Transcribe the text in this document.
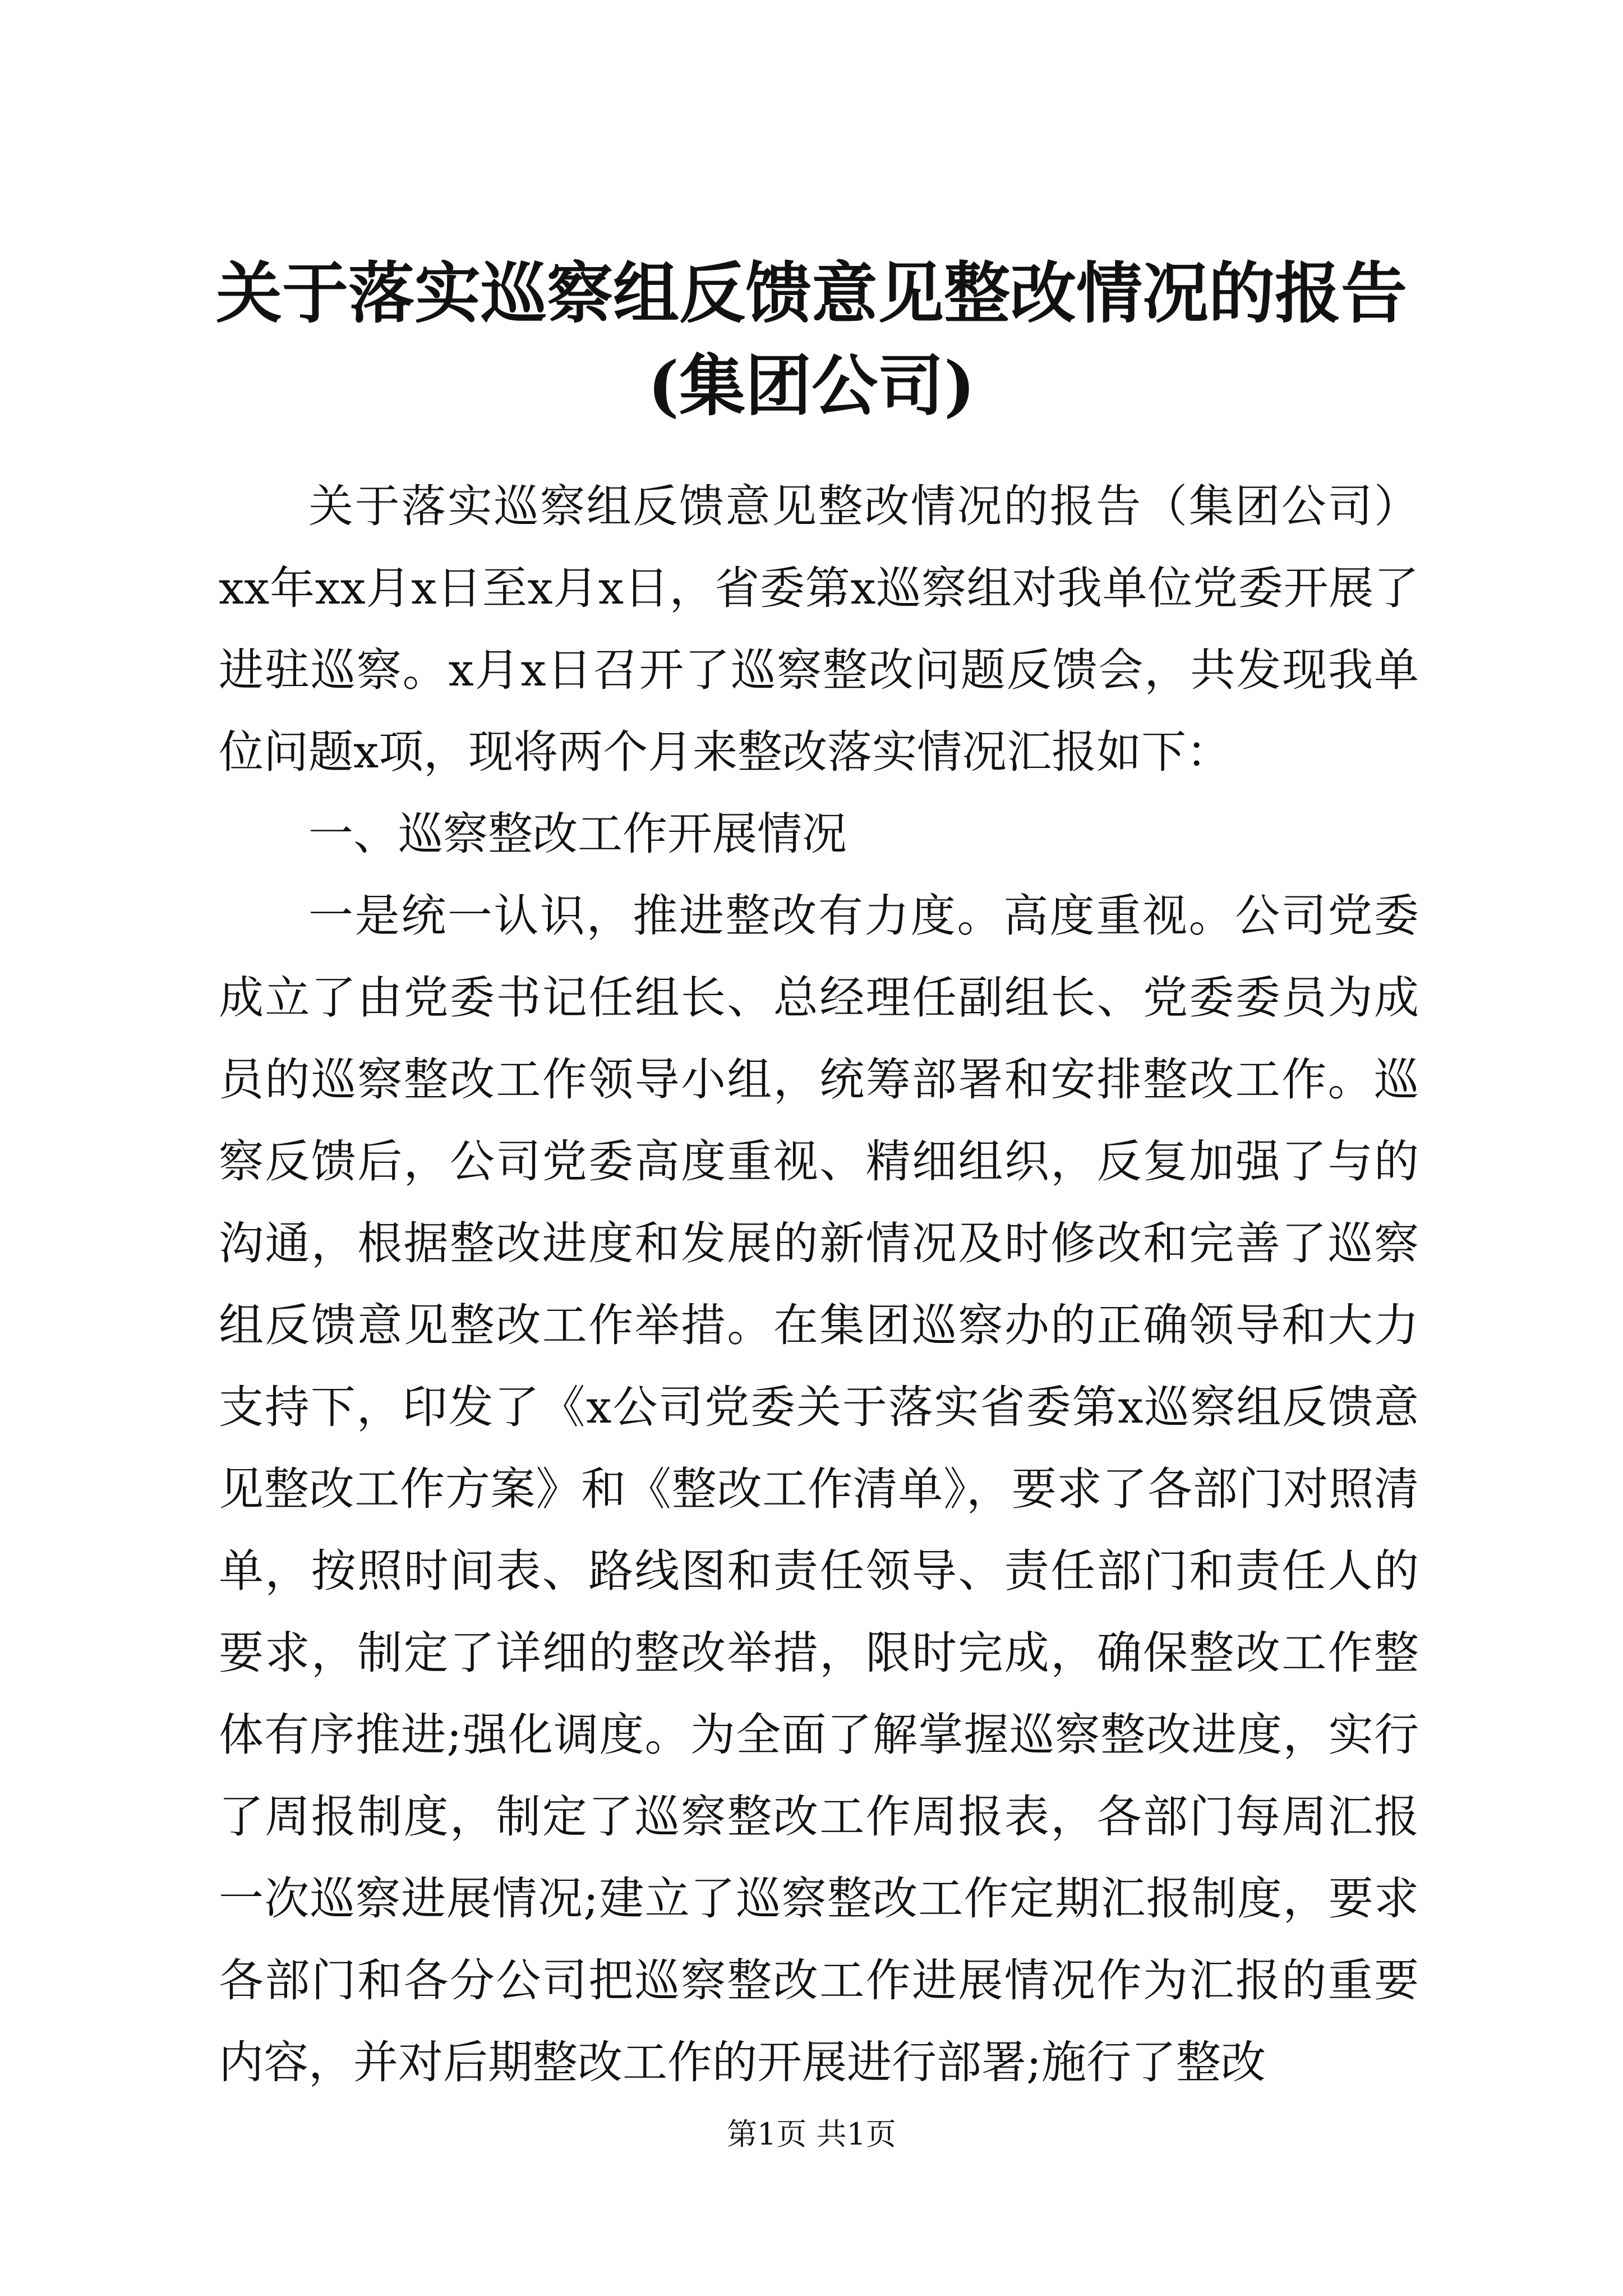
关于落实巡察组反馈意见整改情况的报告(集团公司)

关于落实巡察组反馈意见整改情况的报告（集团公司）xx年xx月x日至x月x日，省委第x巡察组对我单位党委开展了进驻巡察。x月x日召开了巡察整改问题反馈会，共发现我单位问题x项，现将两个月来整改落实情况汇报如下：

一、巡察整改工作开展情况

一是统一认识，推进整改有力度。高度重视。公司党委成立了由党委书记任组长、总经理任副组长、党委委员为成员的巡察整改工作领导小组，统筹部署和安排整改工作。巡察反馈后，公司党委高度重视、精细组织，反复加强了与的沟通，根据整改进度和发展的新情况及时修改和完善了巡察组反馈意见整改工作举措。在集团巡察办的正确领导和大力支持下，印发了《x公司党委关于落实省委第x巡察组反馈意见整改工作方案》和《整改工作清单》，要求了各部门对照清单，按照时间表、路线图和责任领导、责任部门和责任人的要求，制定了详细的整改举措，限时完成，确保整改工作整体有序推进;强化调度。为全面了解掌握巡察整改进度，实行了周报制度，制定了巡察整改工作周报表，各部门每周汇报一次巡察进展情况;建立了巡察整改工作定期汇报制度，要求各部门和各分公司把巡察整改工作进展情况作为汇报的重要内容，并对后期整改工作的开展进行部署;施行了整改

第1页 共1页
